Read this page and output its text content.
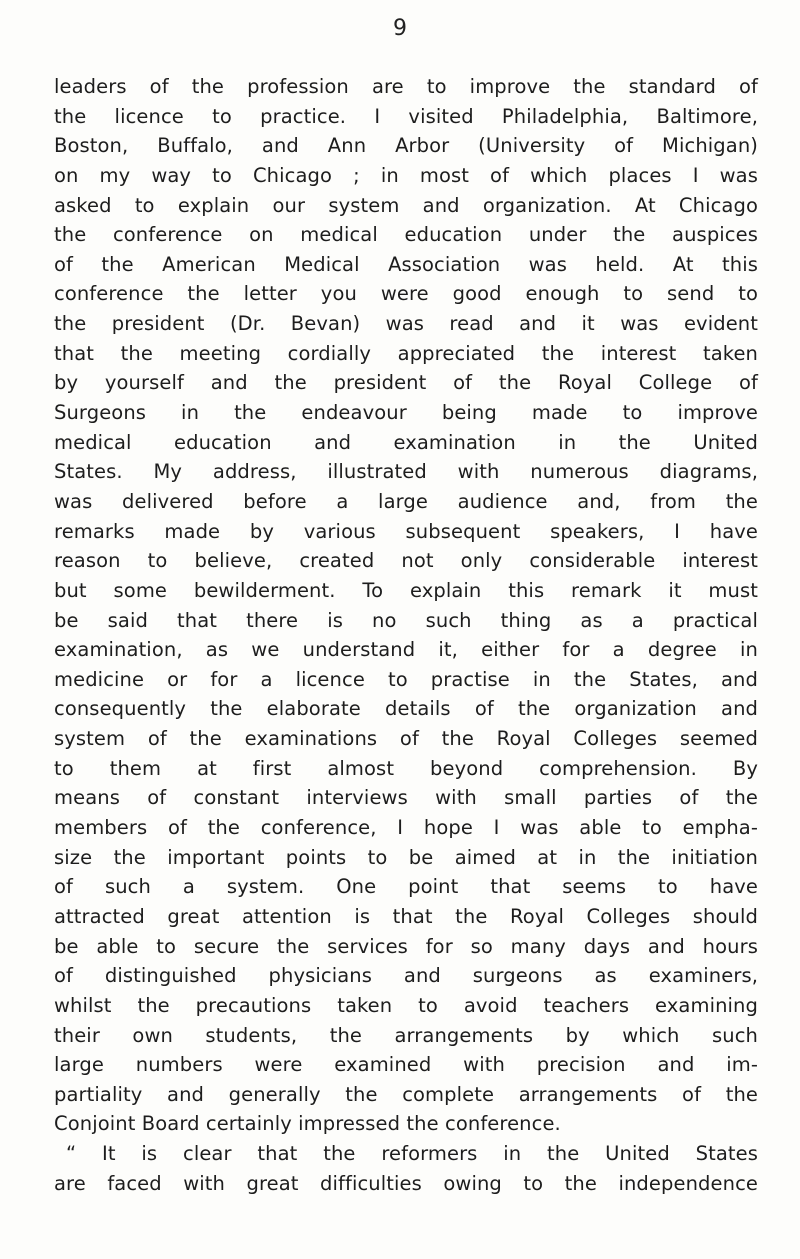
9
leaders of the profession are to improve the standard of
the licence to practice. I visited Philadelphia, Baltimore,
Boston, Buffalo, and Ann Arbor (University of Michigan)
on my way to Chicago ; in most of which places I was
asked to explain our system and organization. At Chicago
the conference on medical education under the auspices
of the American Medical Association was held. At this
conference the letter you were good enough to send to
the president (Dr. Bevan) was read and it was evident
that the meeting cordially appreciated the interest taken
by yourself and the president of the Royal College of
Surgeons in the endeavour being made to improve
medical education and examination in the United
States. My address, illustrated with numerous diagrams,
was delivered before a large audience and, from the
remarks made by various subsequent speakers, I have
reason to believe, created not only considerable interest
but some bewilderment. To explain this remark it must
be said that there is no such thing as a practical
examination, as we understand it, either for a degree in
medicine or for a licence to practise in the States, and
consequently the elaborate details of the organization and
system of the examinations of the Royal Colleges seemed
to them at first almost beyond comprehension. By
means of constant interviews with small parties of the
members of the conference, I hope I was able to empha-
size the important points to be aimed at in the initiation
of such a system. One point that seems to have
attracted great attention is that the Royal Colleges should
be able to secure the services for so many days and hours
of distinguished physicians and surgeons as examiners,
whilst the precautions taken to avoid teachers examining
their own students, the arrangements by which such
large numbers were examined with precision and im-
partiality and generally the complete arrangements of the
Conjoint Board certainly impressed the conference.
“ It is clear that the reformers in the United States
are faced with great difficulties owing to the independence
